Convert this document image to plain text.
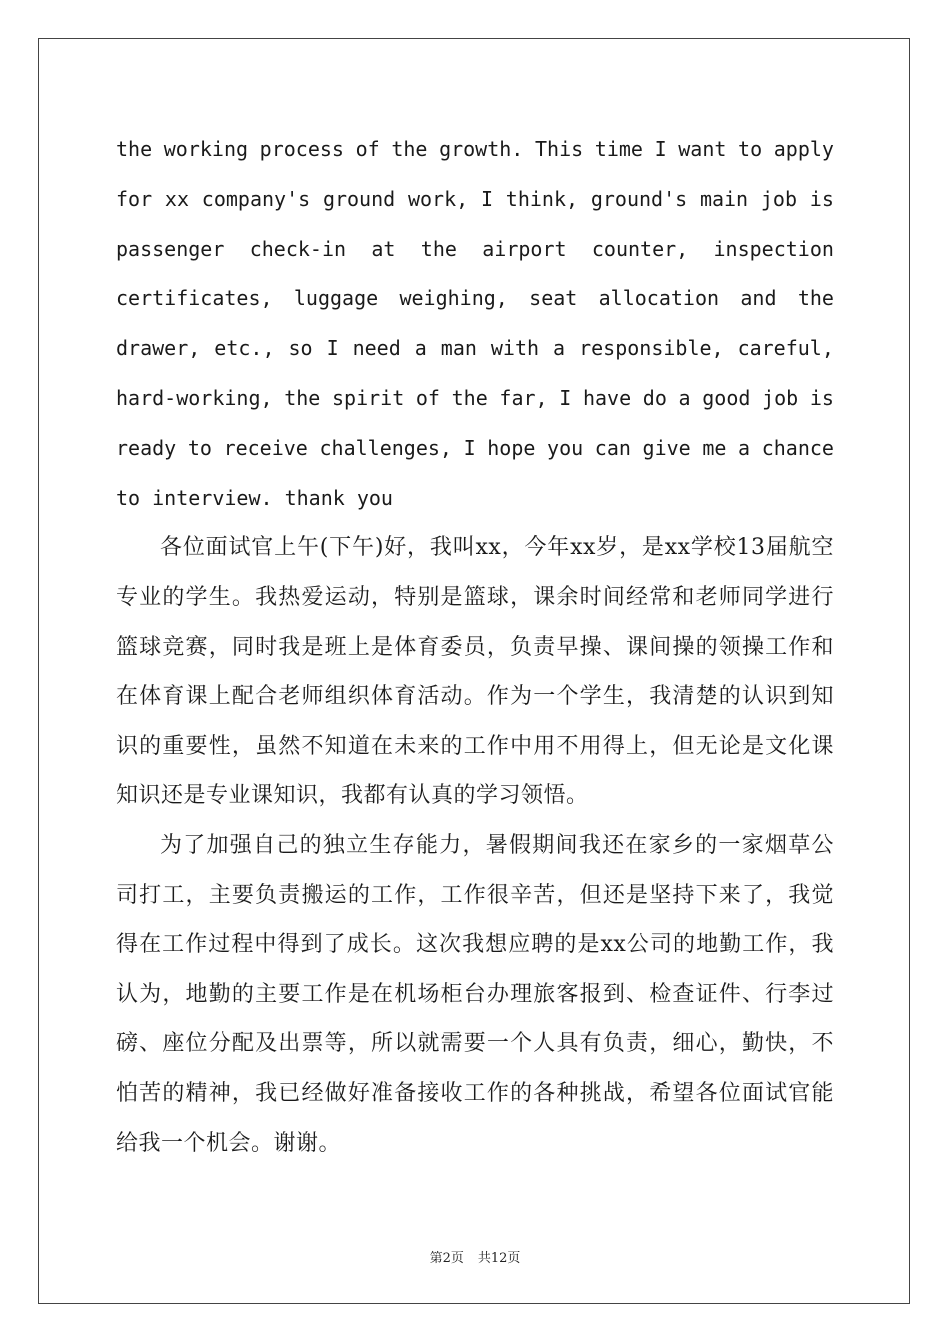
the working process of the growth. This time I want to apply
for xx company's ground work, I think, ground's main job is
passenger check-in at the airport counter, inspection
certificates, luggage weighing, seat allocation and the
drawer, etc., so I need a man with a responsible, careful,
hard-working, the spirit of the far, I have do a good job is
ready to receive challenges, I hope you can give me a chance
to interview. thank you

各位面试官上午(下午)好，我叫xx，今年xx岁，是xx学校13届航空专业的学生。我热爱运动，特别是篮球，课余时间经常和老师同学进行篮球竞赛，同时我是班上是体育委员，负责早操、课间操的领操工作和在体育课上配合老师组织体育活动。作为一个学生，我清楚的认识到知识的重要性，虽然不知道在未来的工作中用不用得上，但无论是文化课知识还是专业课知识，我都有认真的学习领悟。

为了加强自己的独立生存能力，暑假期间我还在家乡的一家烟草公司打工，主要负责搬运的工作，工作很辛苦，但还是坚持下来了，我觉得在工作过程中得到了成长。这次我想应聘的是xx公司的地勤工作，我认为，地勤的主要工作是在机场柜台办理旅客报到、检查证件、行李过磅、座位分配及出票等，所以就需要一个人具有负责，细心，勤快，不怕苦的精神，我已经做好准备接收工作的各种挑战，希望各位面试官能给我一个机会。谢谢。

第2页 共12页
